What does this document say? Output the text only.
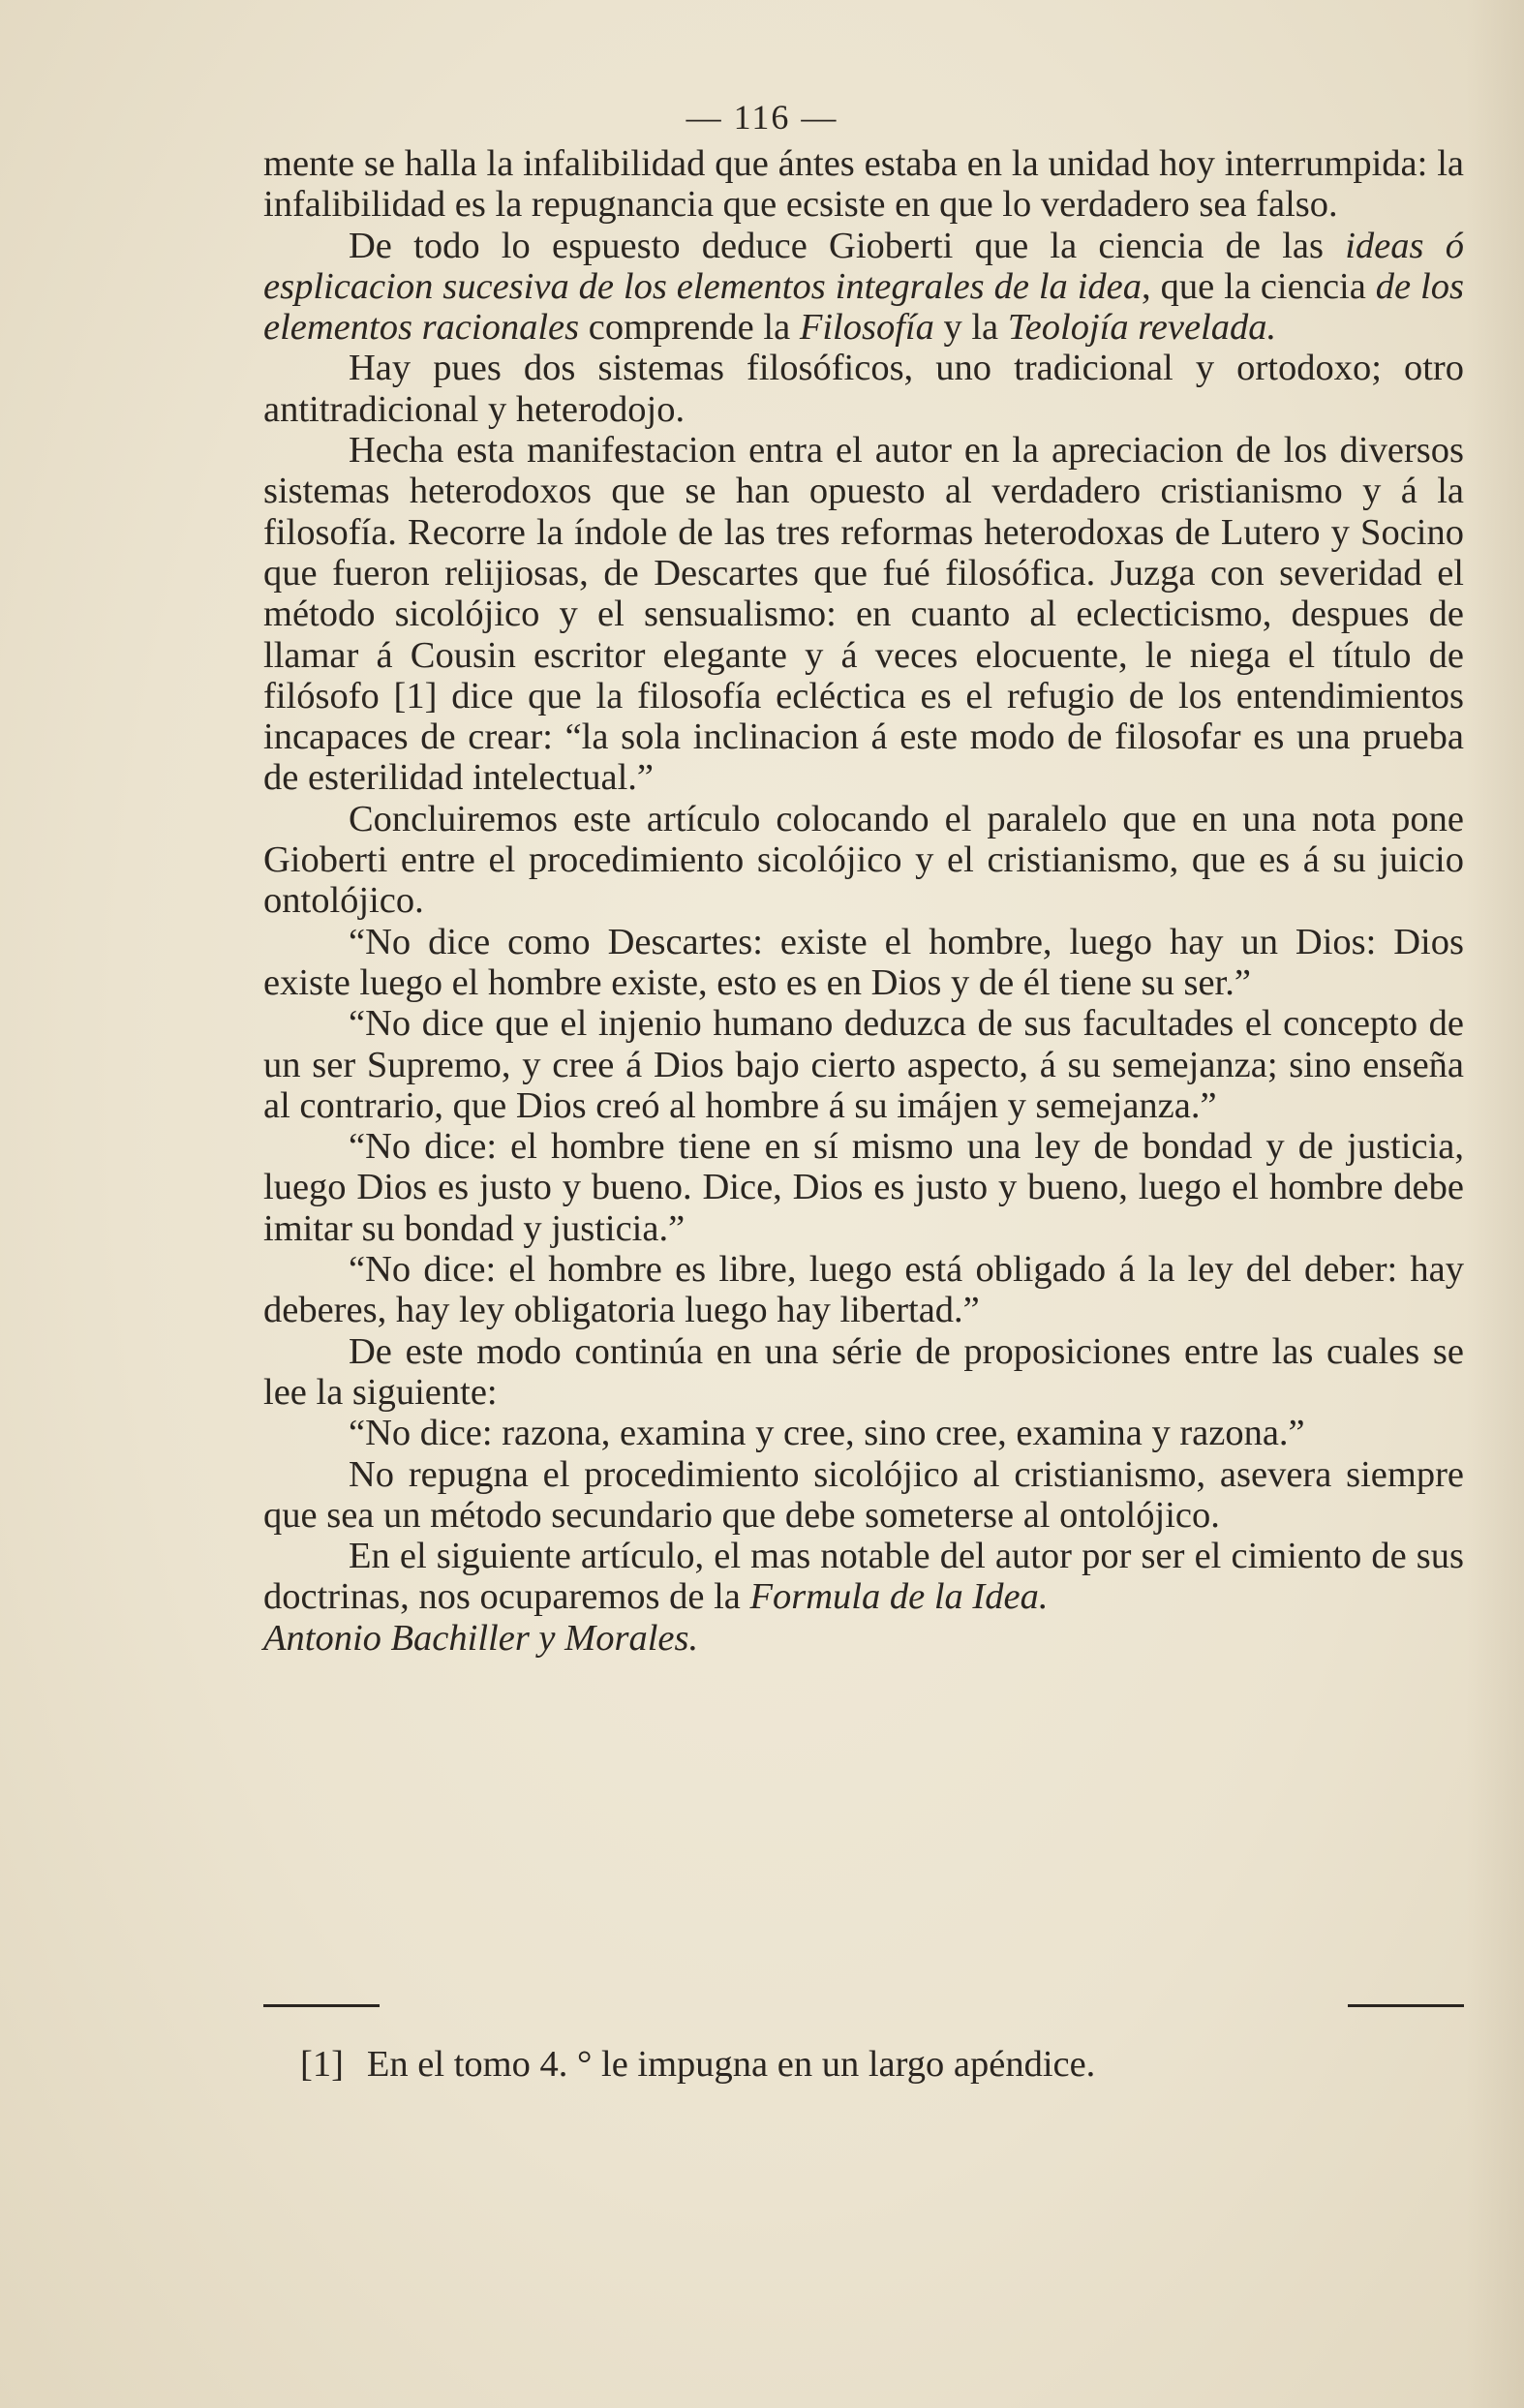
— 116 —

mente se halla la infalibilidad que ántes estaba en la unidad hoy interrumpida: la infalibilidad es la repugnancia que ecsiste en que lo verdadero sea falso.

De todo lo espuesto deduce Gioberti que la ciencia de las ideas ó esplicacion sucesiva de los elementos integrales de la idea, que la ciencia de los elementos racionales comprende la Filosofía y la Teolojía revelada.

Hay pues dos sistemas filosóficos, uno tradicional y ortodoxo; otro antitradicional y heterodojo.

Hecha esta manifestacion entra el autor en la apreciacion de los diversos sistemas heterodoxos que se han opuesto al verdadero cristianismo y á la filosofía. Recorre la índole de las tres reformas heterodoxas de Lutero y Socino que fueron relijiosas, de Descartes que fué filosófica. Juzga con severidad el método sicolójico y el sensualismo: en cuanto al eclecticismo, despues de llamar á Cousin escritor elegante y á veces elocuente, le niega el título de filósofo [1] dice que la filosofía ecléctica es el refugio de los entendimientos incapaces de crear: “la sola inclinacion á este modo de filosofar es una prueba de esterilidad intelectual.”

Concluiremos este artículo colocando el paralelo que en una nota pone Gioberti entre el procedimiento sicolójico y el cristianismo, que es á su juicio ontolójico.

“No dice como Descartes: existe el hombre, luego hay un Dios: Dios existe luego el hombre existe, esto es en Dios y de él tiene su ser.”

“No dice que el injenio humano deduzca de sus facultades el concepto de un ser Supremo, y cree á Dios bajo cierto aspecto, á su semejanza; sino enseña al contrario, que Dios creó al hombre á su imájen y semejanza.”

“No dice: el hombre tiene en sí mismo una ley de bondad y de justicia, luego Dios es justo y bueno. Dice, Dios es justo y bueno, luego el hombre debe imitar su bondad y justicia.”

“No dice: el hombre es libre, luego está obligado á la ley del deber: hay deberes, hay ley obligatoria luego hay libertad.”

De este modo continúa en una série de proposiciones entre las cuales se lee la siguiente:

“No dice: razona, examina y cree, sino cree, examina y razona.”

No repugna el procedimiento sicolójico al cristianismo, asevera siempre que sea un método secundario que debe someterse al ontolójico.

En el siguiente artículo, el mas notable del autor por ser el cimiento de sus doctrinas, nos ocuparemos de la Formula de la Idea.

Antonio Bachiller y Morales.

[1] En el tomo 4. ° le impugna en un largo apéndice.
